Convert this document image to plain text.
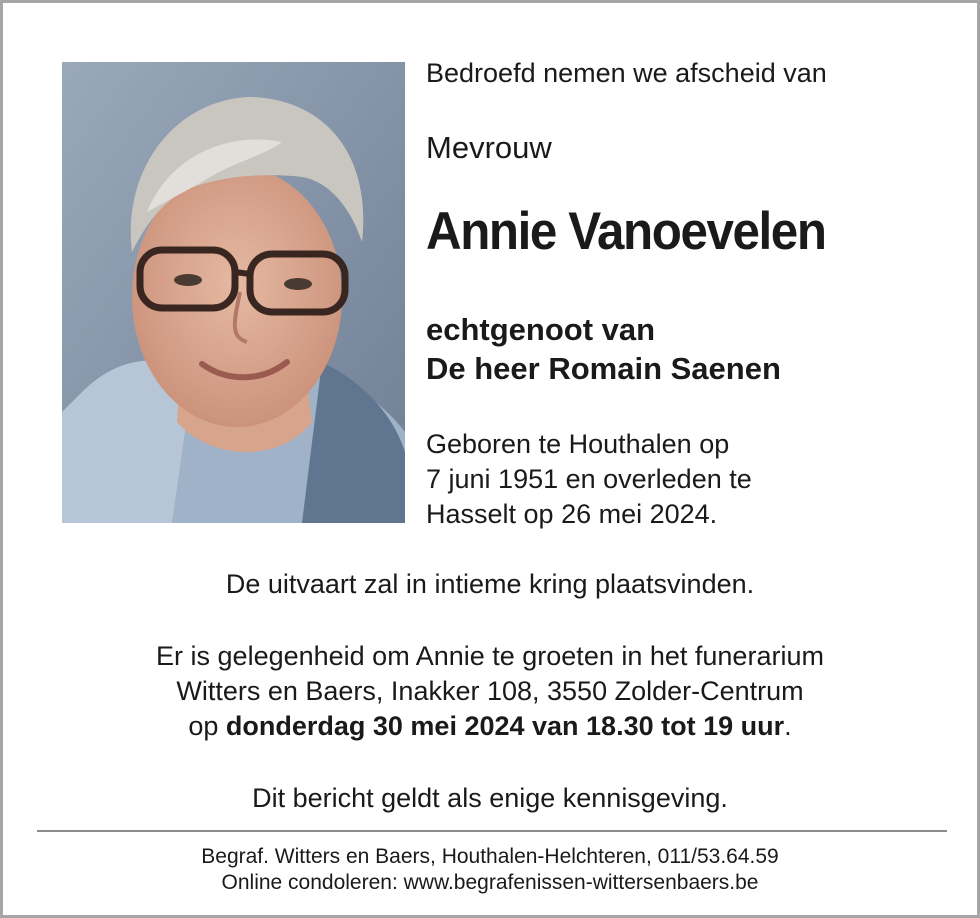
Bedroefd nemen we afscheid van
Mevrouw
Annie Vanoevelen
echtgenoot van
De heer Romain Saenen
Geboren te Houthalen op
7 juni 1951 en overleden te
Hasselt op 26 mei 2024.
De uitvaart zal in intieme kring plaatsvinden.
Er is gelegenheid om Annie te groeten in het funerarium
Witters en Baers, Inakker 108, 3550 Zolder-Centrum
op donderdag 30 mei 2024 van 18.30 tot 19 uur.
Dit bericht geldt als enige kennisgeving.
Begraf. Witters en Baers, Houthalen-Helchteren, 011/53.64.59
Online condoleren: www.begrafenissen-wittersenbaers.be
